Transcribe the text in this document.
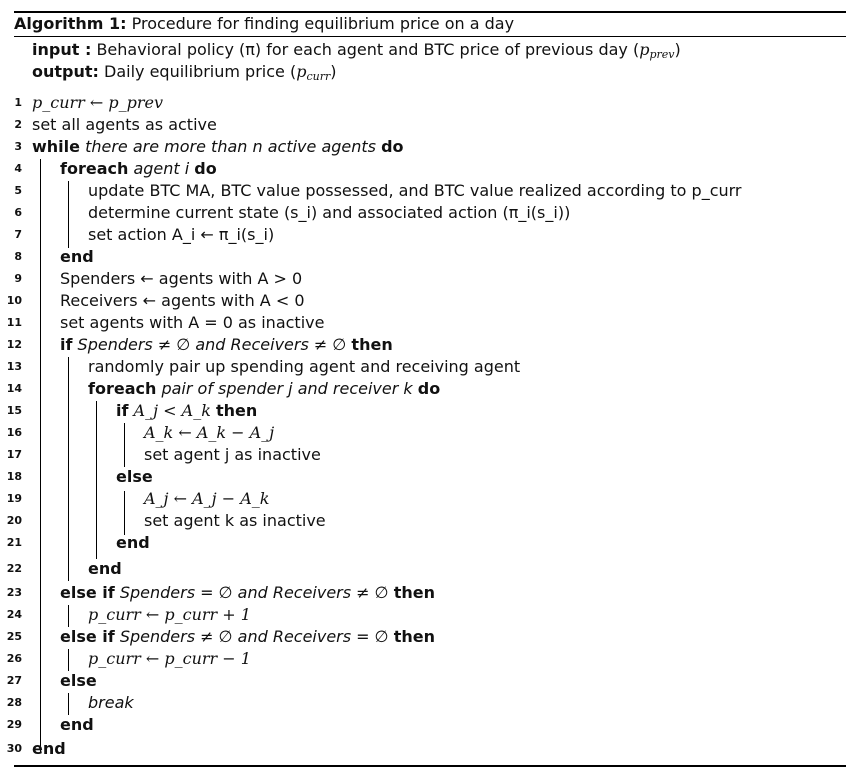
Algorithm 1: Procedure for finding equilibrium price on a day
input : Behavioral policy (π) for each agent and BTC price of previous day $(p_{prev})$
output: Daily equilibrium price $(p_{curr})$
1 p_curr ← p_prev
2 set all agents as active
3 while there are more than n active agents do
4 foreach agent i do
5	update BTC MA, BTC value possessed, and BTC value realized according to p_curr
6	determine current state (s_i) and associated action (π_i(s_i))
7	set action A_i ← π_i(s_i)
8 end
9 Spenders ← agents with A > 0
10 Receivers ← agents with A < 0
11 set agents with A = 0 as inactive
12 if Spenders ≠ ∅ and Receivers ≠ ∅ then
13	randomly pair up spending agent and receiving agent
14	foreach pair of spender j and receiver k do
15	if A_j < A_k then
16	A_k ← A_k − A_j
17	set agent j as inactive
18	else
19	A_j ← A_j − A_k
20	set agent k as inactive
21	end
22	end
23 else if Spenders = ∅ and Receivers ≠ ∅ then
24	p_curr ← p_curr + 1
25 else if Spenders ≠ ∅ and Receivers = ∅ then
26	p_curr ← p_curr − 1
27 else
28	break
29 end
30 end
